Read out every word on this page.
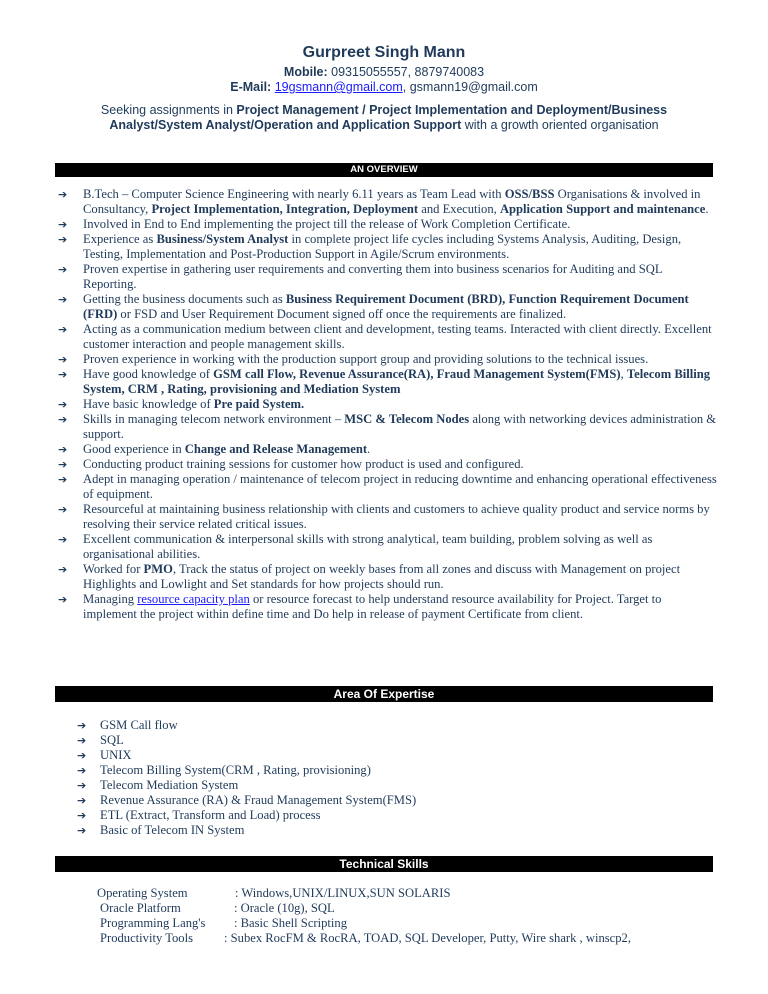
Gurpreet Singh Mann
Mobile: 09315055557, 8879740083
E-Mail: 19gsmann@gmail.com, gsmann19@gmail.com
Seeking assignments in Project Management / Project Implementation and Deployment/Business Analyst/System Analyst/Operation and Application Support with a growth oriented organisation
AN OVERVIEW
➔ B.Tech – Computer Science Engineering with nearly 6.11 years as Team Lead with OSS/BSS Organisations & involved in Consultancy, Project Implementation, Integration, Deployment and Execution, Application Support and maintenance.
➔ Involved in End to End implementing the project till the release of Work Completion Certificate.
➔ Experience as Business/System Analyst in complete project life cycles including Systems Analysis, Auditing, Design, Testing, Implementation and Post-Production Support in Agile/Scrum environments.
➔ Proven expertise in gathering user requirements and converting them into business scenarios for Auditing and SQL Reporting.
➔ Getting the business documents such as Business Requirement Document (BRD), Function Requirement Document (FRD) or FSD and User Requirement Document signed off once the requirements are finalized.
➔ Acting as a communication medium between client and development, testing teams. Interacted with client directly. Excellent customer interaction and people management skills.
➔ Proven experience in working with the production support group and providing solutions to the technical issues.
➔ Have good knowledge of GSM call Flow, Revenue Assurance(RA), Fraud Management System(FMS), Telecom Billing System, CRM , Rating, provisioning and Mediation System
➔ Have basic knowledge of Pre paid System.
➔ Skills in managing telecom network environment – MSC & Telecom Nodes along with networking devices administration & support.
➔ Good experience in Change and Release Management.
➔ Conducting product training sessions for customer how product is used and configured.
➔ Adept in managing operation / maintenance of telecom project in reducing downtime and enhancing operational effectiveness of equipment.
➔ Resourceful at maintaining business relationship with clients and customers to achieve quality product and service norms by resolving their service related critical issues.
➔ Excellent communication & interpersonal skills with strong analytical, team building, problem solving as well as organisational abilities.
➔ Worked for PMO, Track the status of project on weekly bases from all zones and discuss with Management on project Highlights and Lowlight and Set standards for how projects should run.
➔ Managing resource capacity plan or resource forecast to help understand resource availability for Project. Target to implement the project within define time and Do help in release of payment Certificate from client.
Area Of Expertise
➔ GSM Call flow
➔ SQL
➔ UNIX
➔ Telecom Billing System(CRM , Rating, provisioning)
➔ Telecom Mediation System
➔ Revenue Assurance (RA) & Fraud Management System(FMS)
➔ ETL (Extract, Transform and Load) process
➔ Basic of Telecom IN System
Technical Skills
Operating System	: Windows,UNIX/LINUX,SUN SOLARIS
Oracle Platform	: Oracle (10g), SQL
Programming Lang's : Basic Shell Scripting
Productivity Tools : Subex RocFM & RocRA, TOAD, SQL Developer, Putty, Wire shark , winscp2,
